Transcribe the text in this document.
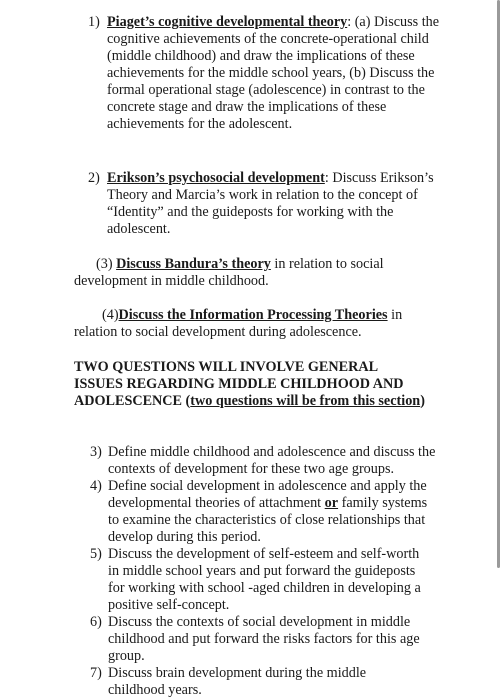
1) Piaget’s cognitive developmental theory: (a) Discuss the cognitive achievements of the concrete-operational child (middle childhood) and draw the implications of these achievements for the middle school years, (b) Discuss the formal operational stage (adolescence) in contrast to the concrete stage and draw the implications of these achievements for the adolescent.
2) Erikson’s psychosocial development: Discuss Erikson’s Theory and Marcia’s work in relation to the concept of “Identity” and the guideposts for working with the adolescent.
(3) Discuss Bandura’s theory in relation to social development in middle childhood.
(4)Discuss the Information Processing Theories in relation to social development during adolescence.
TWO QUESTIONS WILL INVOLVE GENERAL ISSUES REGARDING MIDDLE CHILDHOOD AND ADOLESCENCE (two questions will be from this section)
3) Define middle childhood and adolescence and discuss the contexts of development for these two age groups.
4) Define social development in adolescence and apply the developmental theories of attachment or family systems to examine the characteristics of close relationships that develop during this period.
5) Discuss the development of self-esteem and self-worth in middle school years and put forward the guideposts for working with school -aged children in developing a positive self-concept.
6) Discuss the contexts of social development in middle childhood and put forward the risks factors for this age group.
7) Discuss brain development during the middle childhood years.
